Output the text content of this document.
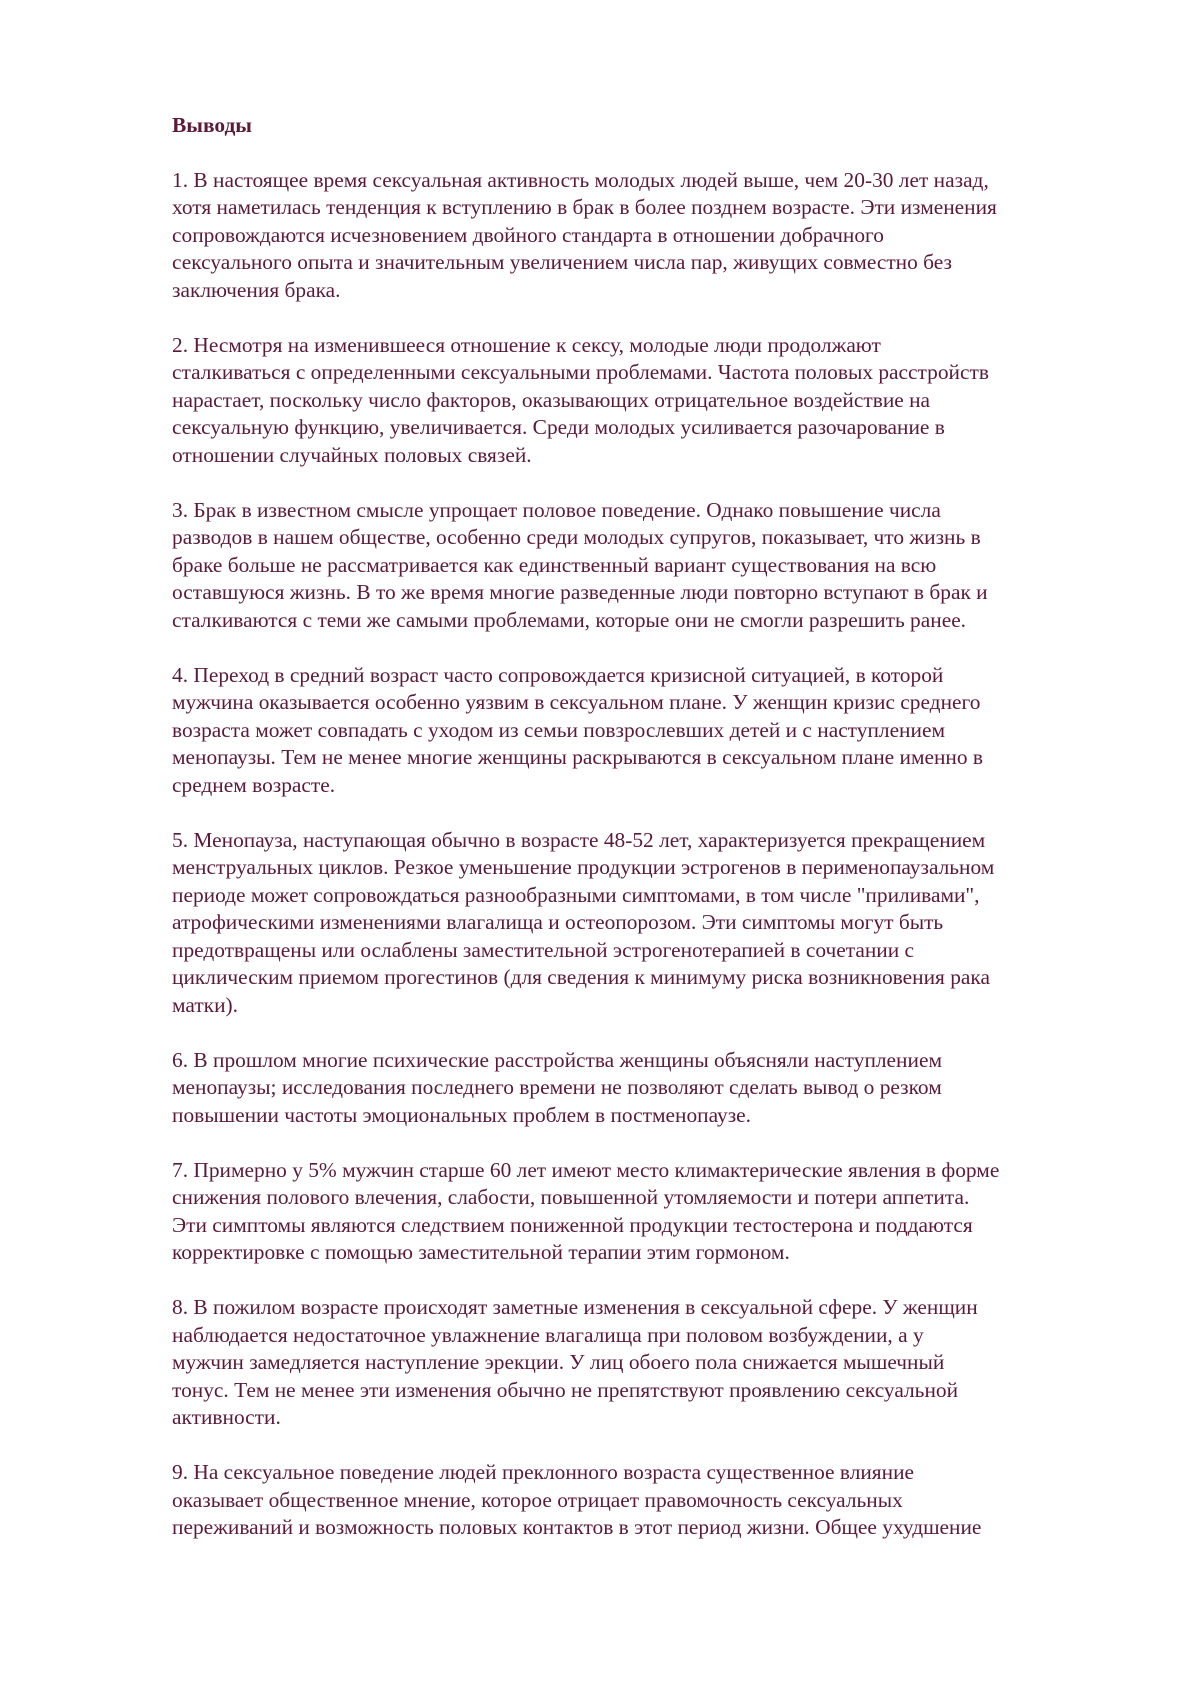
Выводы
1. В настоящее время сексуальная активность молодых людей выше, чем 20-30 лет назад,
хотя наметилась тенденция к вступлению в брак в более позднем возрасте. Эти изменения
сопровождаются исчезновением двойного стандарта в отношении добрачного
сексуального опыта и значительным увеличением числа пар, живущих совместно без
заключения брака.
2. Несмотря на изменившееся отношение к сексу, молодые люди продолжают
сталкиваться с определенными сексуальными проблемами. Частота половых расстройств
нарастает, поскольку число факторов, оказывающих отрицательное воздействие на
сексуальную функцию, увеличивается. Среди молодых усиливается разочарование в
отношении случайных половых связей.
3. Брак в известном смысле упрощает половое поведение. Однако повышение числа
разводов в нашем обществе, особенно среди молодых супругов, показывает, что жизнь в
браке больше не рассматривается как единственный вариант существования на всю
оставшуюся жизнь. В то же время многие разведенные люди повторно вступают в брак и
сталкиваются с теми же самыми проблемами, которые они не смогли разрешить ранее.
4. Переход в средний возраст часто сопровождается кризисной ситуацией, в которой
мужчина оказывается особенно уязвим в сексуальном плане. У женщин кризис среднего
возраста может совпадать с уходом из семьи повзрослевших детей и с наступлением
менопаузы. Тем не менее многие женщины раскрываются в сексуальном плане именно в
среднем возрасте.
5. Менопауза, наступающая обычно в возрасте 48-52 лет, характеризуется прекращением
менструальных циклов. Резкое уменьшение продукции эстрогенов в перименопаузальном
периоде может сопровождаться разнообразными симптомами, в том числе "приливами",
атрофическими изменениями влагалища и остеопорозом. Эти симптомы могут быть
предотвращены или ослаблены заместительной эстрогенотерапией в сочетании с
циклическим приемом прогестинов (для сведения к минимуму риска возникновения рака
матки).
6. В прошлом многие психические расстройства женщины объясняли наступлением
менопаузы; исследования последнего времени не позволяют сделать вывод о резком
повышении частоты эмоциональных проблем в постменопаузе.
7. Примерно у 5% мужчин старше 60 лет имеют место климактерические явления в форме
снижения полового влечения, слабости, повышенной утомляемости и потери аппетита.
Эти симптомы являются следствием пониженной продукции тестостерона и поддаются
корректировке с помощью заместительной терапии этим гормоном.
8. В пожилом возрасте происходят заметные изменения в сексуальной сфере. У женщин
наблюдается недостаточное увлажнение влагалища при половом возбуждении, а у
мужчин замедляется наступление эрекции. У лиц обоего пола снижается мышечный
тонус. Тем не менее эти изменения обычно не препятствуют проявлению сексуальной
активности.
9. На сексуальное поведение людей преклонного возраста существенное влияние
оказывает общественное мнение, которое отрицает правомочность сексуальных
переживаний и возможность половых контактов в этот период жизни. Общее ухудшение
